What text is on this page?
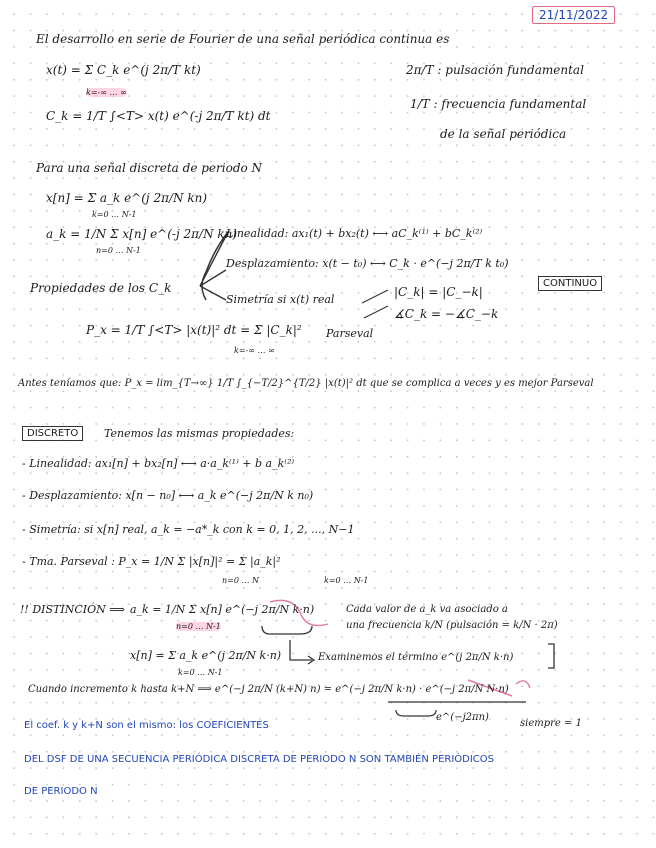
21/11/2022
El desarrollo en serie de Fourier de una señal periódica continua es
x(t) = Σ C_k e^(j 2π/T kt)
k=-∞ … ∞
C_k = 1/T ∫<T> x(t) e^(-j 2π/T kt) dt
2π/T : pulsación fundamental
1/T : frecuencia fundamental
de la señal periódica
Para una señal discreta de periodo N
x[n] = Σ a_k e^(j 2π/N kn)
k=0 … N-1
a_k = 1/N Σ x[n] e^(-j 2π/N kn)
n=0 … N-1
Linealidad: ax₁(t) + bx₂(t) ⟷ aC_k⁽¹⁾ + bC_k⁽²⁾
Desplazamiento: x(t − t₀) ⟷ C_k · e^(−j 2π/T k t₀)
Propiedades de los C_k	CONTINUO
Simetría si x(t) real
|C_k| = |C_−k|
∡C_k = −∡C_−k
P_x = 1/T ∫<T> |x(t)|² dt = Σ |C_k|²
k=-∞ … ∞
Parseval
Antes teníamos que: P_x = lim_{T→∞} 1/T ∫_{−T/2}^{T/2} |x(t)|² dt que se complica a veces y es mejor Parseval
DISCRETO	Tenemos las mismas propiedades:
- Linealidad: ax₁[n] + bx₂[n] ⟷ a·a_k⁽¹⁾ + b a_k⁽²⁾
- Desplazamiento: x[n − n₀] ⟷ a_k e^(−j 2π/N k n₀)
- Simetría: si x[n] real, a_k = −a*_k con k = 0, 1, 2, ..., N−1
- Tma. Parseval : P_x = 1/N Σ |x[n]|² = Σ |a_k|²
n=0 … N	k=0 … N-1
!! DISTINCIÓN ⟹ a_k = 1/N Σ x[n] e^(−j 2π/N k·n)
n=0 … N-1
Cada valor de a_k va asociado a
una frecuencia k/N (pulsación = k/N · 2π)
x[n] = Σ a_k e^(j 2π/N k·n)
k=0 … N-1
Examinemos el término e^(j 2π/N k·n)
Cuando incremento k hasta k+N ⟹ e^(−j 2π/N (k+N) n) = e^(−j 2π/N k·n) · e^(−j 2π/N N·n)
e^(−j2πn)
siempre = 1
El coef. k y k+N son el mismo: los COEFICIENTES
DEL DSF DE UNA SECUENCIA PERIÓDICA DISCRETA DE PERIODO N SON TAMBIÉN PERIÓDICOS
DE PERIODO N
